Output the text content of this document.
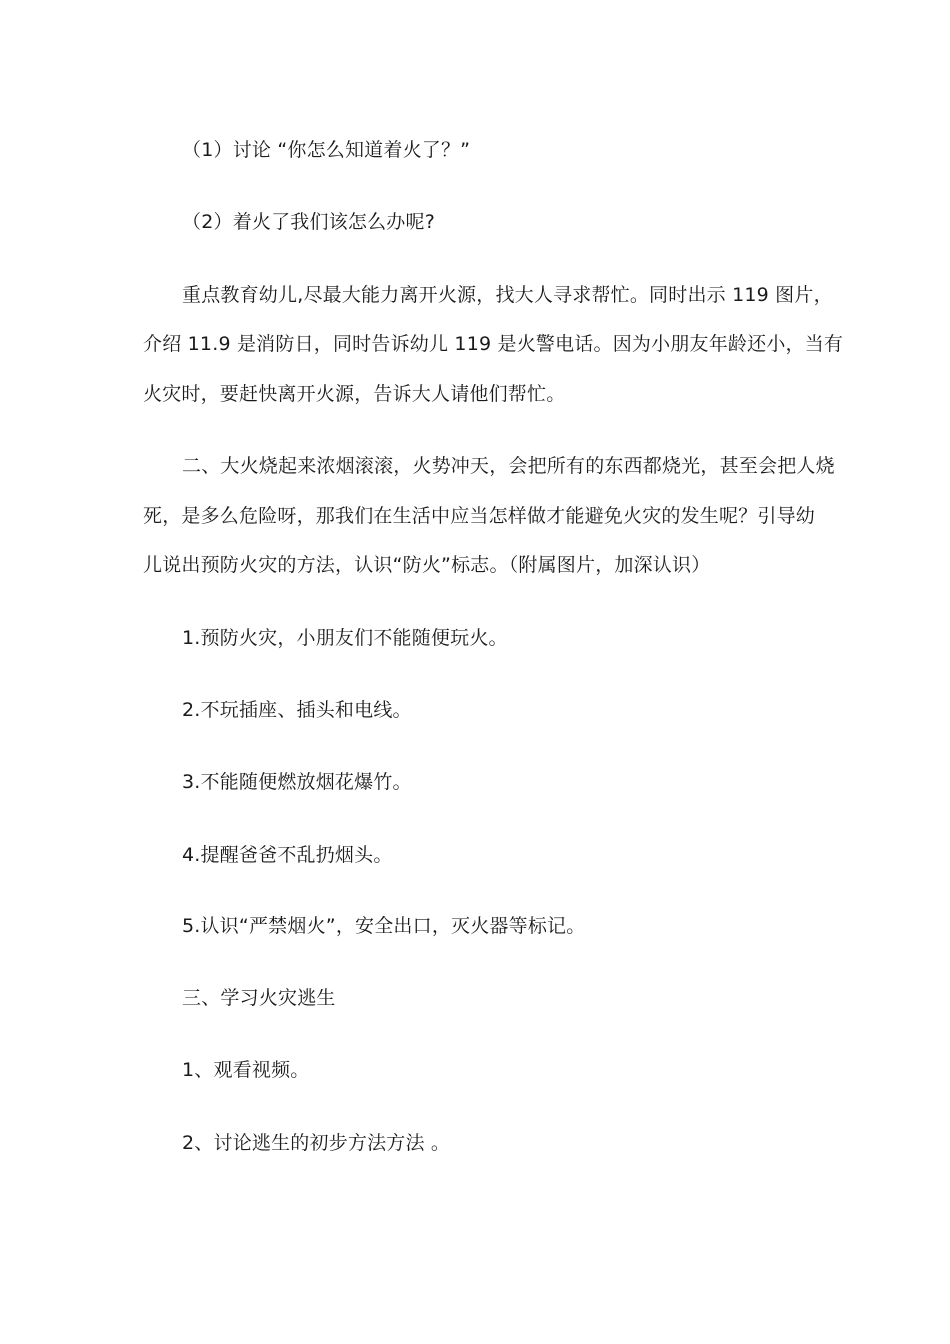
（1）讨论 “你怎么知道着火了？”
（2）着火了我们该怎么办呢?
重点教育幼儿,尽最大能力离开火源，找大人寻求帮忙。同时出示 119 图片，
介绍 11.9 是消防日，同时告诉幼儿 119 是火警电话。因为小朋友年龄还小，当有
火灾时，要赶快离开火源，告诉大人请他们帮忙。
二、大火烧起来浓烟滚滚，火势冲天，会把所有的东西都烧光，甚至会把人烧
死，是多么危险呀，那我们在生活中应当怎样做才能避免火灾的发生呢？引导幼
儿说出预防火灾的方法，认识“防火”标志。（附属图片，加深认识）
1.预防火灾，小朋友们不能随便玩火。
2.不玩插座、插头和电线。
3.不能随便燃放烟花爆竹。
4.提醒爸爸不乱扔烟头。
5.认识“严禁烟火”，安全出口，灭火器等标记。
三、学习火灾逃生
1、观看视频。
2、讨论逃生的初步方法方法 。
